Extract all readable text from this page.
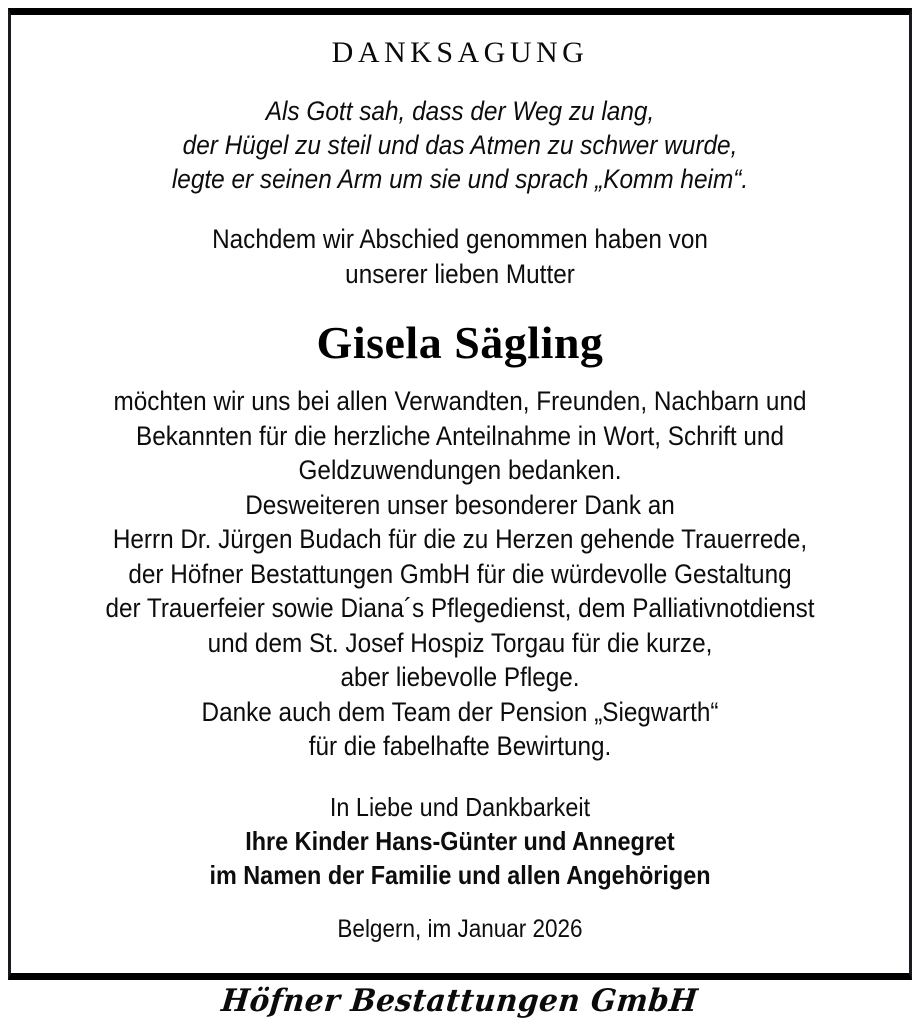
DANKSAGUNG
Als Gott sah, dass der Weg zu lang,
der Hügel zu steil und das Atmen zu schwer wurde,
legte er seinen Arm um sie und sprach „Komm heim“.
Nachdem wir Abschied genommen haben von
unserer lieben Mutter
Gisela Sägling
möchten wir uns bei allen Verwandten, Freunden, Nachbarn und
Bekannten für die herzliche Anteilnahme in Wort, Schrift und
Geldzuwendungen bedanken.
Desweiteren unser besonderer Dank an
Herrn Dr. Jürgen Budach für die zu Herzen gehende Trauerrede,
der Höfner Bestattungen GmbH für die würdevolle Gestaltung
der Trauerfeier sowie Diana´s Pflegedienst, dem Palliativnotdienst
und dem St. Josef Hospiz Torgau für die kurze,
aber liebevolle Pflege.
Danke auch dem Team der Pension „Siegwarth“
für die fabelhafte Bewirtung.
In Liebe und Dankbarkeit
Ihre Kinder Hans-Günter und Annegret
im Namen der Familie und allen Angehörigen
Belgern, im Januar 2026
Höfner Bestattungen GmbH
